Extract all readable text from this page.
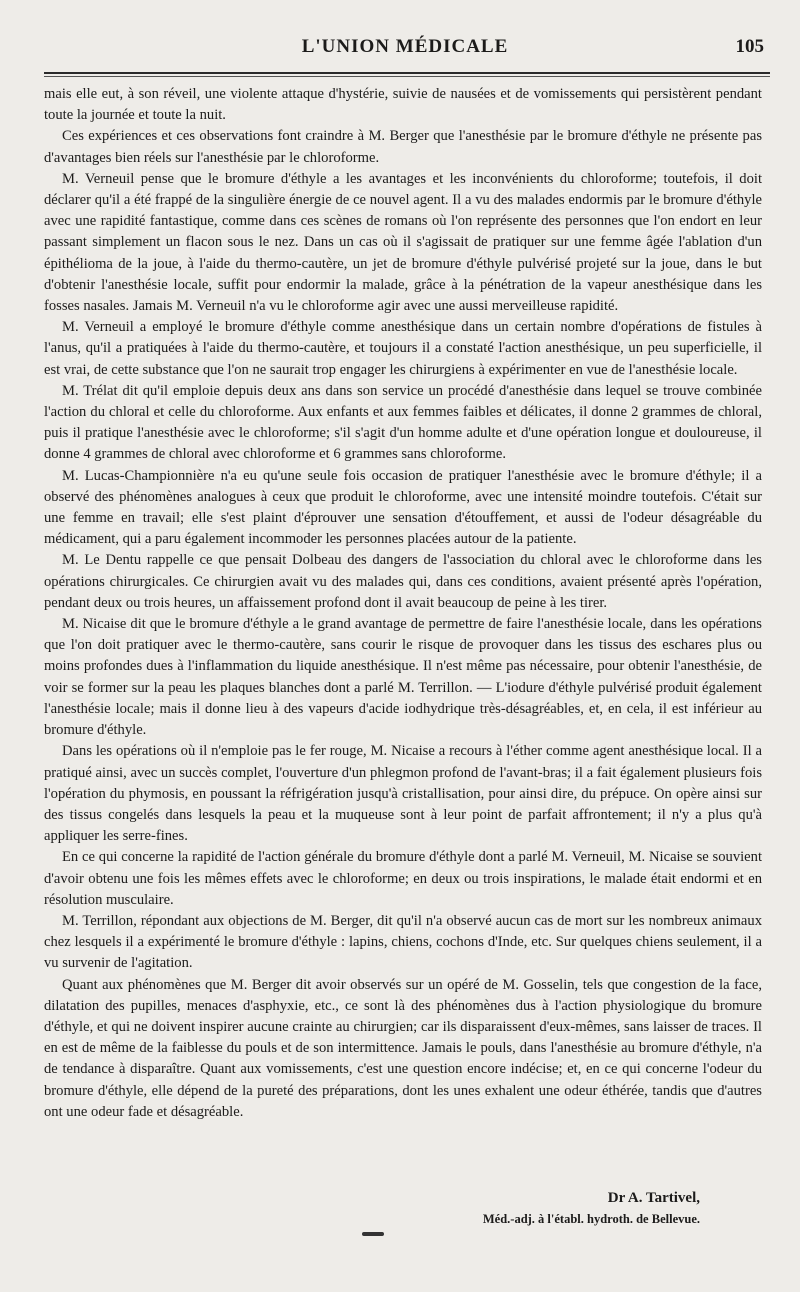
L'UNION MÉDICALE	105

mais elle eut, à son réveil, une violente attaque d'hystérie, suivie de nausées et de vomissements qui persistèrent pendant toute la journée et toute la nuit.

Ces expériences et ces observations font craindre à M. Berger que l'anesthésie par le bromure d'éthyle ne présente pas d'avantages bien réels sur l'anesthésie par le chloroforme.

M. Verneuil pense que le bromure d'éthyle a les avantages et les inconvénients du chloroforme; toutefois, il doit déclarer qu'il a été frappé de la singulière énergie de ce nouvel agent. Il a vu des malades endormis par le bromure d'éthyle avec une rapidité fantastique, comme dans ces scènes de romans où l'on représente des personnes que l'on endort en leur passant simplement un flacon sous le nez. Dans un cas où il s'agissait de pratiquer sur une femme âgée l'ablation d'un épithélioma de la joue, à l'aide du thermo-cautère, un jet de bromure d'éthyle pulvérisé projeté sur la joue, dans le but d'obtenir l'anesthésie locale, suffit pour endormir la malade, grâce à la pénétration de la vapeur anesthésique dans les fosses nasales. Jamais M. Verneuil n'a vu le chloroforme agir avec une aussi merveilleuse rapidité.

M. Verneuil a employé le bromure d'éthyle comme anesthésique dans un certain nombre d'opérations de fistules à l'anus, qu'il a pratiquées à l'aide du thermo-cautère, et toujours il a constaté l'action anesthésique, un peu superficielle, il est vrai, de cette substance que l'on ne saurait trop engager les chirurgiens à expérimenter en vue de l'anesthésie locale.

M. Trélat dit qu'il emploie depuis deux ans dans son service un procédé d'anesthésie dans lequel se trouve combinée l'action du chloral et celle du chloroforme. Aux enfants et aux femmes faibles et délicates, il donne 2 grammes de chloral, puis il pratique l'anesthésie avec le chloroforme; s'il s'agit d'un homme adulte et d'une opération longue et douloureuse, il donne 4 grammes de chloral avec chloroforme et 6 grammes sans chloroforme.

M. Lucas-Championnière n'a eu qu'une seule fois occasion de pratiquer l'anesthésie avec le bromure d'éthyle; il a observé des phénomènes analogues à ceux que produit le chloroforme, avec une intensité moindre toutefois. C'était sur une femme en travail; elle s'est plaint d'éprouver une sensation d'étouffement, et aussi de l'odeur désagréable du médicament, qui a paru également incommoder les personnes placées autour de la patiente.

M. Le Dentu rappelle ce que pensait Dolbeau des dangers de l'association du chloral avec le chloroforme dans les opérations chirurgicales. Ce chirurgien avait vu des malades qui, dans ces conditions, avaient présenté après l'opération, pendant deux ou trois heures, un affaissement profond dont il avait beaucoup de peine à les tirer.

M. Nicaise dit que le bromure d'éthyle a le grand avantage de permettre de faire l'anesthésie locale, dans les opérations que l'on doit pratiquer avec le thermo-cautère, sans courir le risque de provoquer dans les tissus des eschares plus ou moins profondes dues à l'inflammation du liquide anesthésique. Il n'est même pas nécessaire, pour obtenir l'anesthésie, de voir se former sur la peau les plaques blanches dont a parlé M. Terrillon. — L'iodure d'éthyle pulvérisé produit également l'anesthésie locale; mais il donne lieu à des vapeurs d'acide iodhydrique très-désagréables, et, en cela, il est inférieur au bromure d'éthyle.

Dans les opérations où il n'emploie pas le fer rouge, M. Nicaise a recours à l'éther comme agent anesthésique local. Il a pratiqué ainsi, avec un succès complet, l'ouverture d'un phlegmon profond de l'avant-bras; il a fait également plusieurs fois l'opération du phymosis, en poussant la réfrigération jusqu'à cristallisation, pour ainsi dire, du prépuce. On opère ainsi sur des tissus congelés dans lesquels la peau et la muqueuse sont à leur point de parfait affrontement; il n'y a plus qu'à appliquer les serre-fines.

En ce qui concerne la rapidité de l'action générale du bromure d'éthyle dont a parlé M. Verneuil, M. Nicaise se souvient d'avoir obtenu une fois les mêmes effets avec le chloroforme; en deux ou trois inspirations, le malade était endormi et en résolution musculaire.

M. Terrillon, répondant aux objections de M. Berger, dit qu'il n'a observé aucun cas de mort sur les nombreux animaux chez lesquels il a expérimenté le bromure d'éthyle : lapins, chiens, cochons d'Inde, etc. Sur quelques chiens seulement, il a vu survenir de l'agitation.

Quant aux phénomènes que M. Berger dit avoir observés sur un opéré de M. Gosselin, tels que congestion de la face, dilatation des pupilles, menaces d'asphyxie, etc., ce sont là des phénomènes dus à l'action physiologique du bromure d'éthyle, et qui ne doivent inspirer aucune crainte au chirurgien; car ils disparaissent d'eux-mêmes, sans laisser de traces. Il en est de même de la faiblesse du pouls et de son intermittence. Jamais le pouls, dans l'anesthésie au bromure d'éthyle, n'a de tendance à disparaître. Quant aux vomissements, c'est une question encore indécise; et, en ce qui concerne l'odeur du bromure d'éthyle, elle dépend de la pureté des préparations, dont les unes exhalent une odeur éthérée, tandis que d'autres ont une odeur fade et désagréable.

Dr A. Tartivel,
Méd.-adj. à l'établ. hydroth. de Bellevue.
